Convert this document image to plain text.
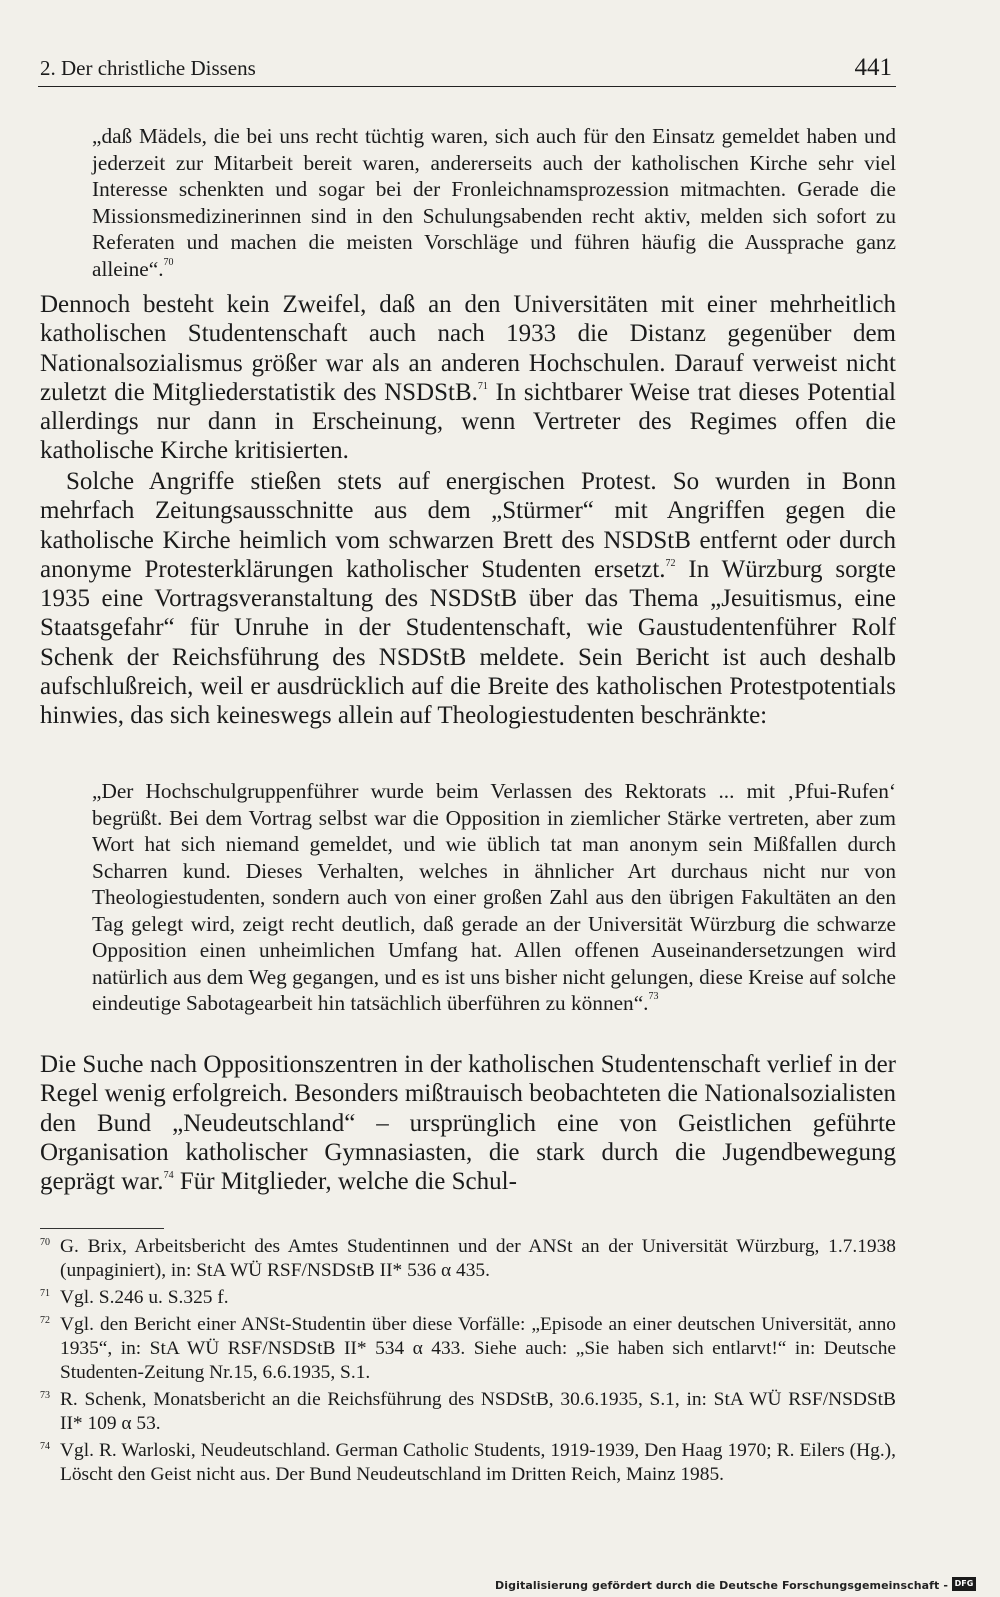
2. Der christliche Dissens	441
„daß Mädels, die bei uns recht tüchtig waren, sich auch für den Einsatz gemeldet haben und jederzeit zur Mitarbeit bereit waren, andererseits auch der katholischen Kirche sehr viel Interesse schenkten und sogar bei der Fronleichnamsprozession mitmachten. Gerade die Missionsmedizinerinnen sind in den Schulungsabenden recht aktiv, melden sich sofort zu Referaten und machen die meisten Vorschläge und führen häufig die Aussprache ganz alleine“.$^{70}$
Dennoch besteht kein Zweifel, daß an den Universitäten mit einer mehrheitlich katholischen Studentenschaft auch nach 1933 die Distanz gegenüber dem Nationalsozialismus größer war als an anderen Hochschulen. Darauf verweist nicht zuletzt die Mitgliederstatistik des NSDStB.$^{71}$ In sichtbarer Weise trat dieses Potential allerdings nur dann in Erscheinung, wenn Vertreter des Regimes offen die katholische Kirche kritisierten.
Solche Angriffe stießen stets auf energischen Protest. So wurden in Bonn mehrfach Zeitungsausschnitte aus dem „Stürmer“ mit Angriffen gegen die katholische Kirche heimlich vom schwarzen Brett des NSDStB entfernt oder durch anonyme Protesterklärungen katholischer Studenten ersetzt.$^{72}$ In Würzburg sorgte 1935 eine Vortragsveranstaltung des NSDStB über das Thema „Jesuitismus, eine Staatsgefahr“ für Unruhe in der Studentenschaft, wie Gaustudentenführer Rolf Schenk der Reichsführung des NSDStB meldete. Sein Bericht ist auch deshalb aufschlußreich, weil er ausdrücklich auf die Breite des katholischen Protestpotentials hinwies, das sich keineswegs allein auf Theologiestudenten beschränkte:
„Der Hochschulgruppenführer wurde beim Verlassen des Rektorats ... mit ‚Pfui-Rufen‘ begrüßt. Bei dem Vortrag selbst war die Opposition in ziemlicher Stärke vertreten, aber zum Wort hat sich niemand gemeldet, und wie üblich tat man anonym sein Mißfallen durch Scharren kund. Dieses Verhalten, welches in ähnlicher Art durchaus nicht nur von Theologiestudenten, sondern auch von einer großen Zahl aus den übrigen Fakultäten an den Tag gelegt wird, zeigt recht deutlich, daß gerade an der Universität Würzburg die schwarze Opposition einen unheimlichen Umfang hat. Allen offenen Auseinandersetzungen wird natürlich aus dem Weg gegangen, und es ist uns bisher nicht gelungen, diese Kreise auf solche eindeutige Sabotagearbeit hin tatsächlich überführen zu können“.$^{73}$
Die Suche nach Oppositionszentren in der katholischen Studentenschaft verlief in der Regel wenig erfolgreich. Besonders mißtrauisch beobachteten die Nationalsozialisten den Bund „Neudeutschland“ – ursprünglich eine von Geistlichen geführte Organisation katholischer Gymnasiasten, die stark durch die Jugendbewegung geprägt war.$^{74}$ Für Mitglieder, welche die Schul-
70 G. Brix, Arbeitsbericht des Amtes Studentinnen und der ANSt an der Universität Würzburg, 1.7.1938 (unpaginiert), in: StA WÜ RSF/NSDStB II* 536 α 435.
71 Vgl. S.246 u. S.325 f.
72 Vgl. den Bericht einer ANSt-Studentin über diese Vorfälle: „Episode an einer deutschen Universität, anno 1935“, in: StA WÜ RSF/NSDStB II* 534 α 433. Siehe auch: „Sie haben sich entlarvt!“ in: Deutsche Studenten-Zeitung Nr.15, 6.6.1935, S.1.
73 R. Schenk, Monatsbericht an die Reichsführung des NSDStB, 30.6.1935, S.1, in: StA WÜ RSF/NSDStB II* 109 α 53.
74 Vgl. R. Warloski, Neudeutschland. German Catholic Students, 1919-1939, Den Haag 1970; R. Eilers (Hg.), Löscht den Geist nicht aus. Der Bund Neudeutschland im Dritten Reich, Mainz 1985.
Digitalisierung gefördert durch die Deutsche Forschungsgemeinschaft - DFG
